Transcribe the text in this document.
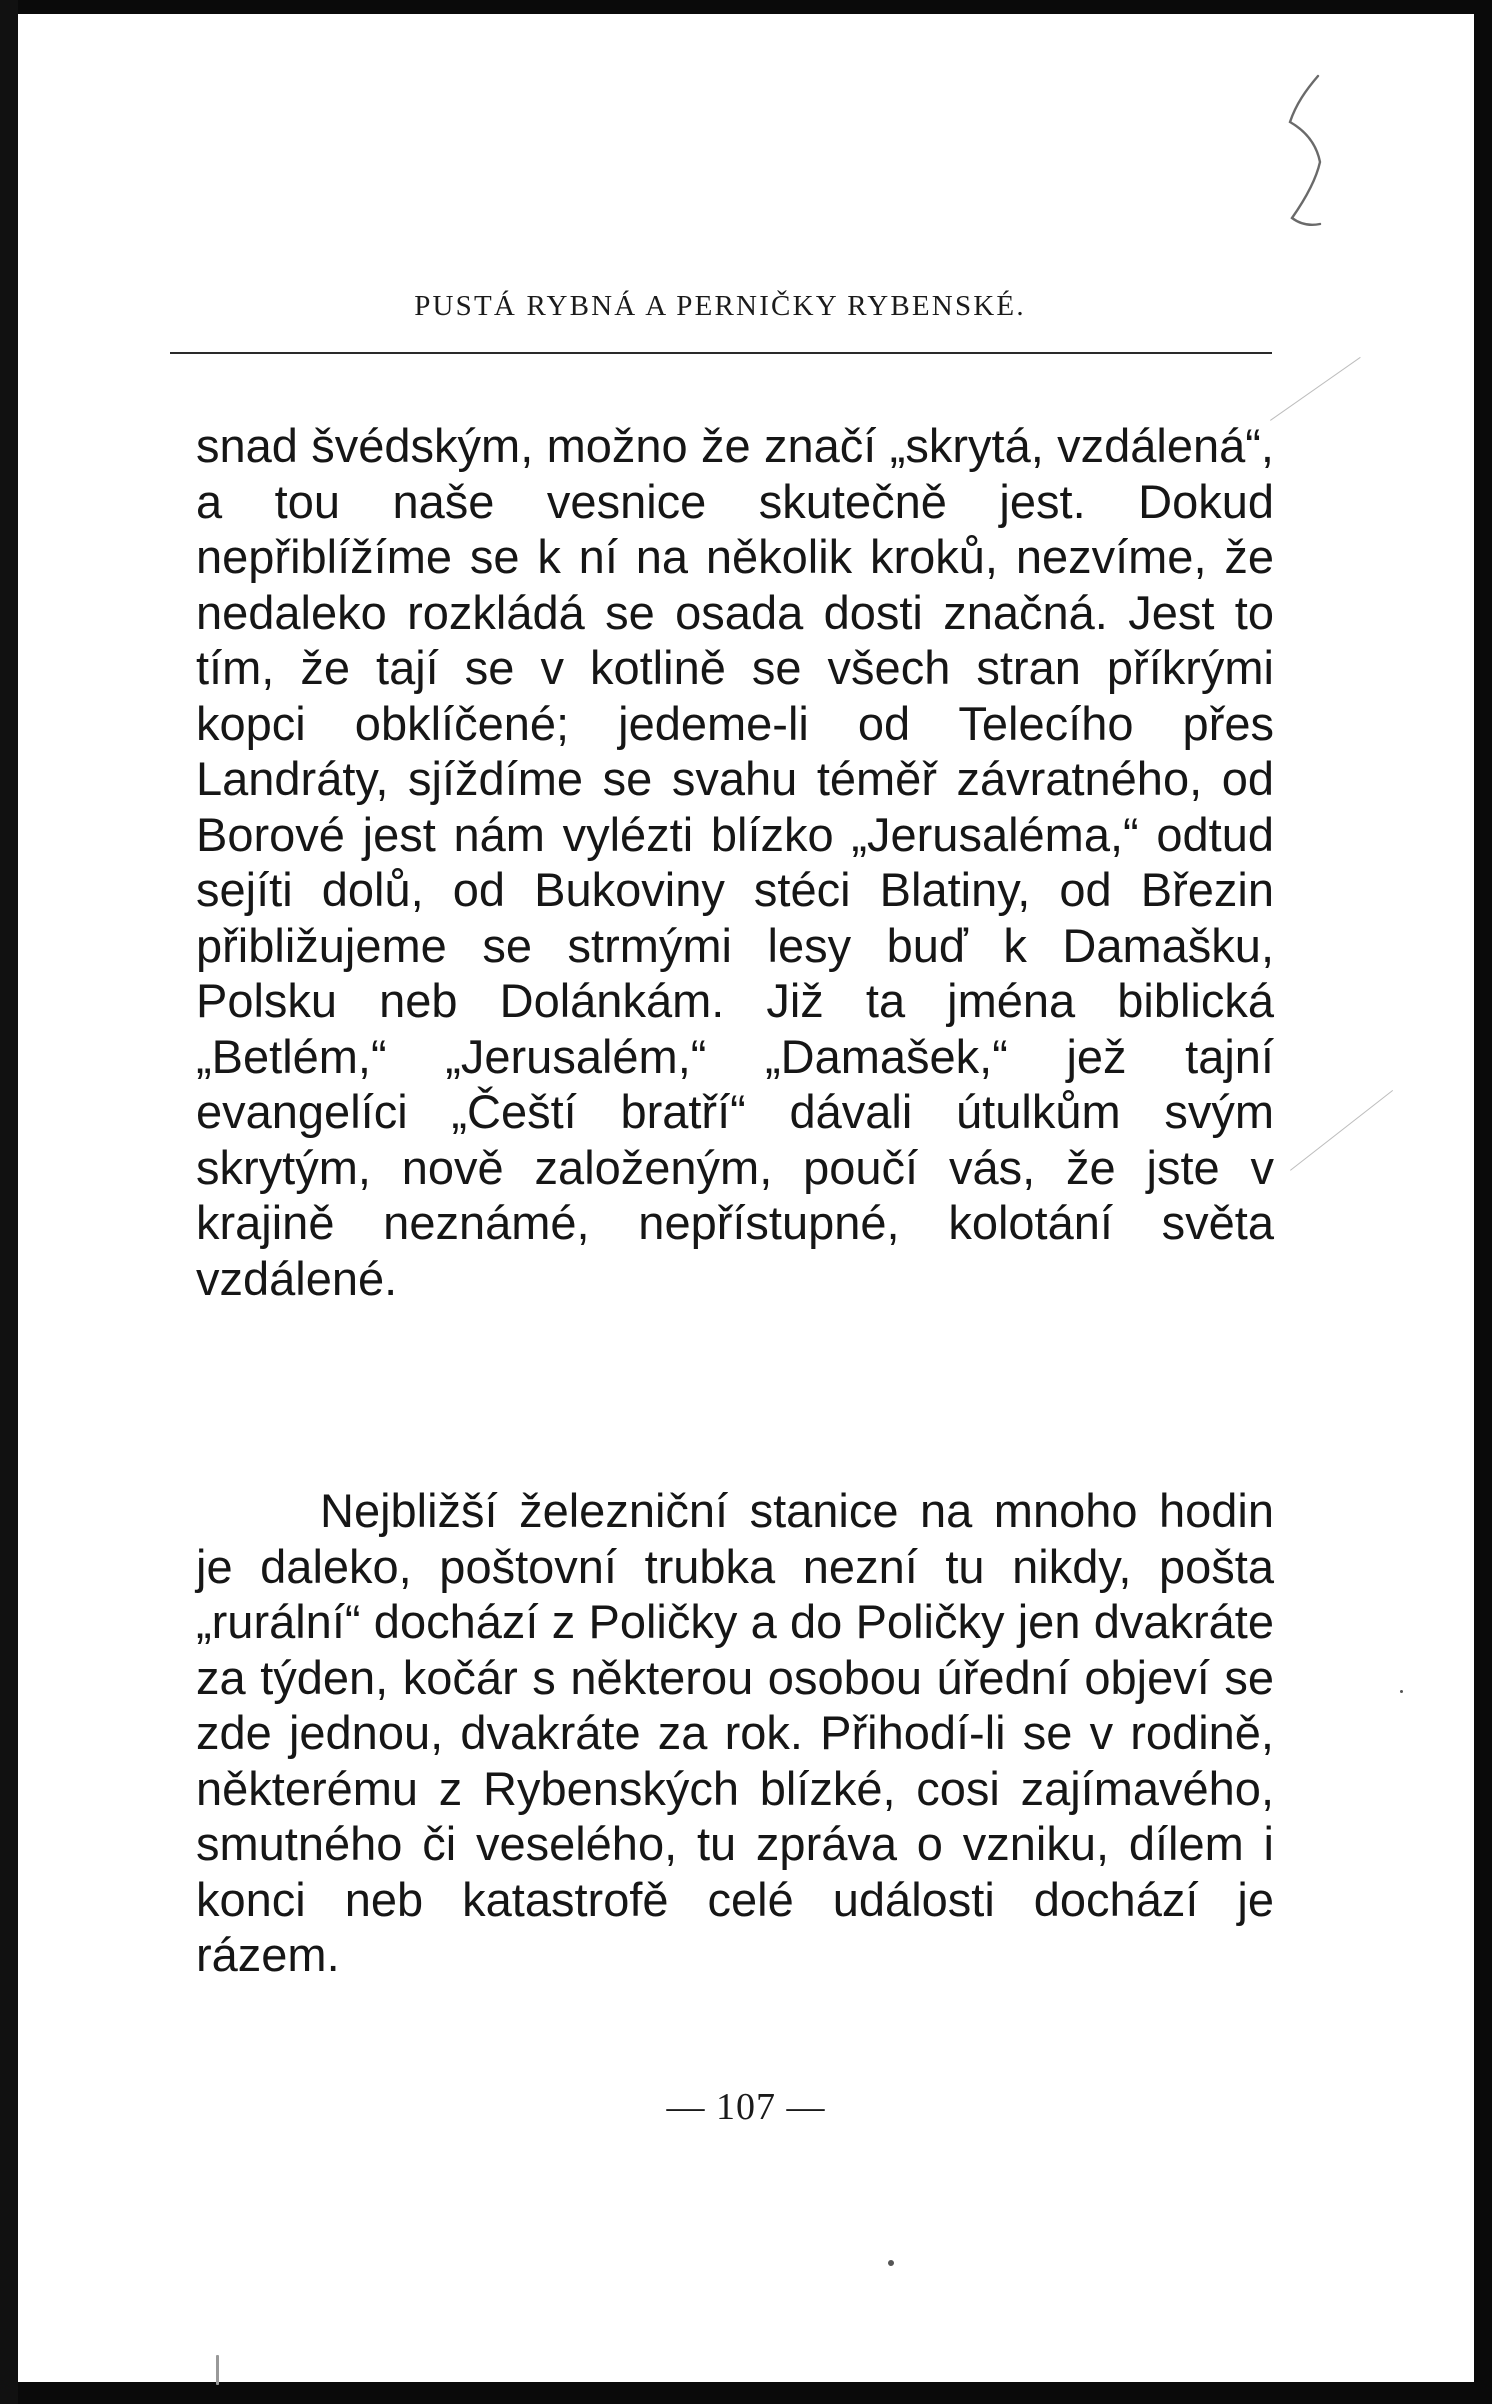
PUSTÁ RYBNÁ A PERNIČKY RYBENSKÉ.
snad švédským, možno že značí „skrytá, vzdálená“, a tou naše vesnice skutečně jest. Dokud nepřiblížíme se k ní na několik kroků, nezvíme, že nedaleko rozkládá se osada dosti značná. Jest to tím, že tají se v kotlině se všech stran příkrými kopci obklíčené; jedeme-li od Telecího přes Landráty, sjíždíme se svahu téměř závratného, od Borové jest nám vylézti blízko „Jerusaléma,“ odtud sejíti dolů, od Bukoviny stéci Blatiny, od Březin přibližujeme se strmými lesy buď k Damašku, Polsku neb Dolánkám. Již ta jména biblická „Betlém,“ „Jerusalém,“ „Damašek,“ jež tajní evangelíci „Čeští bratří“ dávali útulkům svým skrytým, nově založeným, poučí vás, že jste v krajině neznámé, nepřístupné, kolotání světa vzdálené.
Nejbližší železniční stanice na mnoho hodin je daleko, poštovní trubka nezní tu nikdy, pošta „rurální“ dochází z Poličky a do Poličky jen dvakráte za týden, kočár s některou osobou úřední objeví se zde jednou, dvakráte za rok. Přihodí-li se v rodině, některému z Rybenských blízké, cosi zajímavého, smutného či veselého, tu zpráva o vzniku, dílem i konci neb katastrofě celé události dochází je rázem.
— 107 —
